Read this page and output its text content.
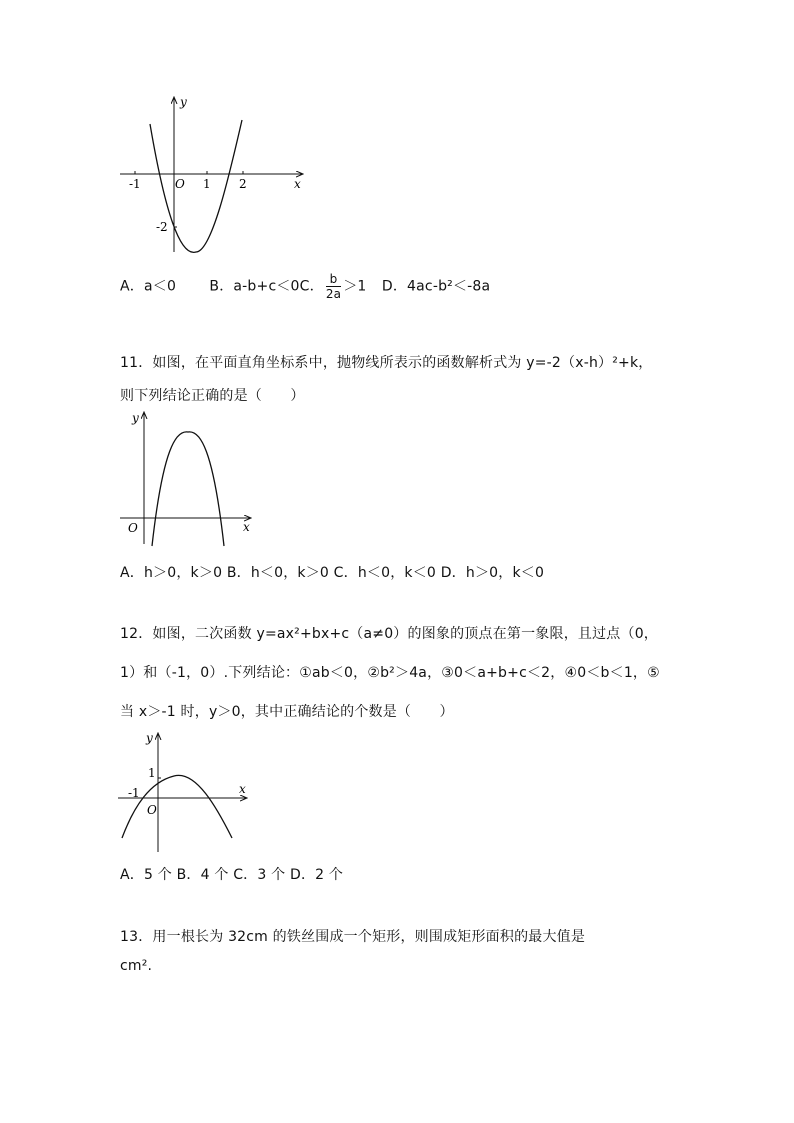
y
x
O
-1	1 2
-2
A．a＜0 B．a-b+c＜0C． $\frac{b}{2a} >1$ D．4ac-b²＜-8a
11．如图，在平面直角坐标系中，抛物线所表示的函数解析式为 y=-2（x-h）²+k，
则下列结论正确的是（　　）
y
x
O
A．h＞0，k＞0 B．h＜0，k＞0 C．h＜0，k＜0 D．h＞0，k＜0
12．如图，二次函数 y=ax²+bx+c（a≠0）的图象的顶点在第一象限，且过点（0，
1）和（-1，0）.下列结论：①ab＜0，②b²＞4a，③0＜a+b+c＜2，④0＜b＜1，⑤
当 x＞-1 时，y＞0，其中正确结论的个数是（　　）
y
x
O
1
-1
A．5 个 B．4 个 C．3 个 D．2 个
13．用一根长为 32cm 的铁丝围成一个矩形，则围成矩形面积的最大值是
cm².
